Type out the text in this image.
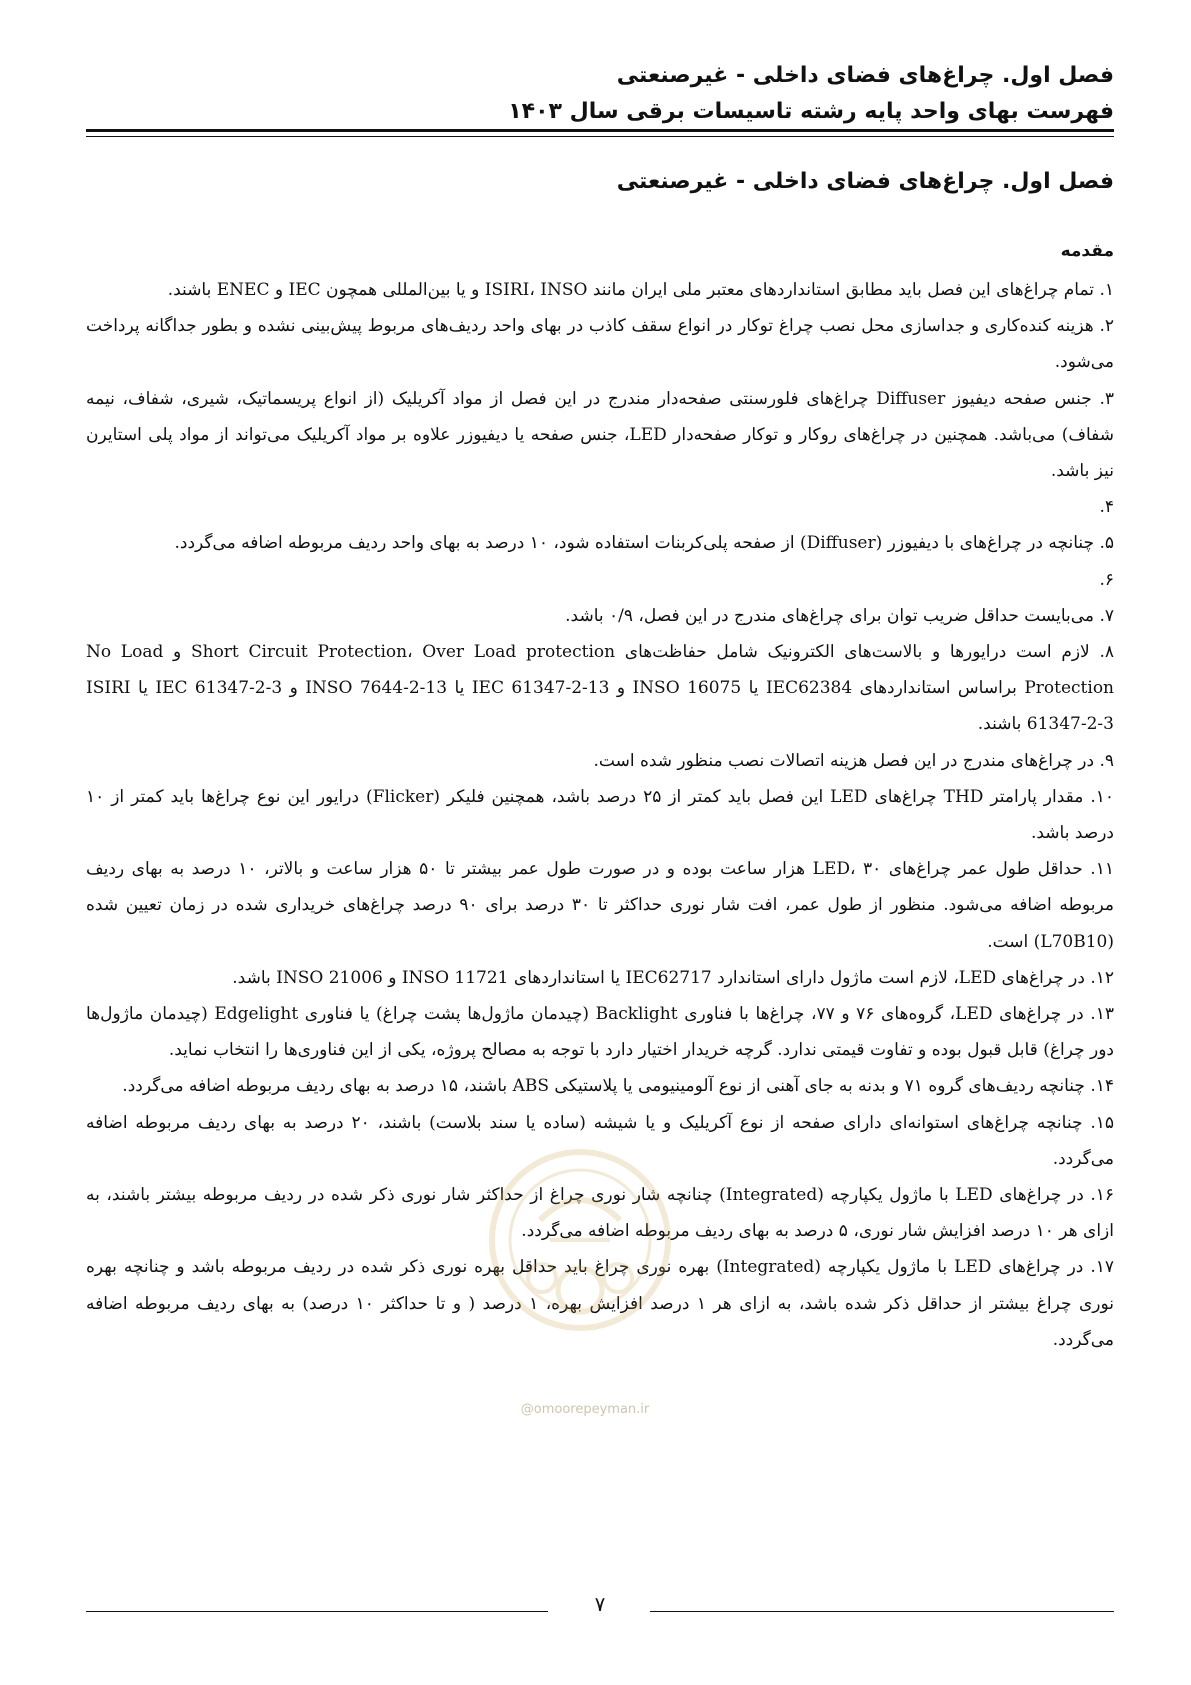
فصل اول. چراغ‌های فضای داخلی - غیرصنعتی
فهرست بهای واحد پایه رشته تاسیسات برقی سال ۱۴۰۳
فصل اول. چراغ‌های فضای داخلی - غیرصنعتی
مقدمه
۱. تمام چراغ‌های این فصل باید مطابق استانداردهای معتبر ملی ایران مانند ISIRI، INSO و یا بین‌المللی همچون IEC و ENEC باشند.
۲. هزینه کنده‌کاری و جداسازی محل نصب چراغ توکار در انواع سقف کاذب در بهای واحد ردیف‌های مربوط پیش‌بینی نشده و بطور جداگانه پرداخت می‌شود.
۳. جنس صفحه دیفیوز Diffuser چراغ‌های فلورسنتی صفحه‌دار مندرج در این فصل از مواد آکریلیک (از انواع پریسماتیک، شیری، شفاف، نیمه شفاف) می‌باشد. همچنین در چراغ‌های روکار و توکار صفحه‌دار LED، جنس صفحه یا دیفیوزر علاوه بر مواد آکریلیک می‌تواند از مواد پلی استایرن نیز باشد.
۴.
۵. چنانچه در چراغ‌های با دیفیوزر (Diffuser) از صفحه پلی‌کربنات استفاده شود، ۱۰ درصد به بهای واحد ردیف مربوطه اضافه می‌گردد.
۶.
۷. می‌بایست حداقل ضریب توان برای چراغ‌های مندرج در این فصل، ۰/۹ باشد.
۸. لازم است درایورها و بالاست‌های الکترونیک شامل حفاظت‌های Short Circuit Protection، Over Load protection و No Load Protection براساس استانداردهای IEC62384 یا INSO 16075 و IEC 61347-2-13 یا INSO 7644-2-13 و IEC 61347-2-3 یا ISIRI 61347-2-3 باشند.
۹. در چراغ‌های مندرج در این فصل هزینه اتصالات نصب منظور شده است.
۱۰. مقدار پارامتر THD چراغ‌های LED این فصل باید کمتر از ۲۵ درصد باشد، همچنین فلیکر (Flicker) درایور این نوع چراغ‌ها باید کمتر از ۱۰ درصد باشد.
۱۱. حداقل طول عمر چراغ‌های LED، ۳۰ هزار ساعت بوده و در صورت طول عمر بیشتر تا ۵۰ هزار ساعت و بالاتر، ۱۰ درصد به بهای ردیف مربوطه اضافه می‌شود. منظور از طول عمر، افت شار نوری حداکثر تا ۳۰ درصد برای ۹۰ درصد چراغ‌های خریداری شده در زمان تعیین شده (L70B10) است.
۱۲. در چراغ‌های LED، لازم است ماژول دارای استاندارد IEC62717 یا استانداردهای INSO 11721 و INSO 21006 باشد.
۱۳. در چراغ‌های LED، گروه‌های ۷۶ و ۷۷، چراغ‌ها با فناوری Backlight (چیدمان ماژول‌ها پشت چراغ) یا فناوری Edgelight (چیدمان ماژول‌ها دور چراغ) قابل قبول بوده و تفاوت قیمتی ندارد. گرچه خریدار اختیار دارد با توجه به مصالح پروژه، یکی از این فناوری‌ها را انتخاب نماید.
۱۴. چنانچه ردیف‌های گروه ۷۱ و بدنه به جای آهنی از نوع آلومینیومی یا پلاستیکی ABS باشند، ۱۵ درصد به بهای ردیف مربوطه اضافه می‌گردد.
۱۵. چنانچه چراغ‌های استوانه‌ای دارای صفحه از نوع آکریلیک و یا شیشه (ساده یا سند بلاست) باشند، ۲۰ درصد به بهای ردیف مربوطه اضافه می‌گردد.
۱۶. در چراغ‌های LED با ماژول یکپارچه (Integrated) چنانچه شار نوری چراغ از حداکثر شار نوری ذکر شده در ردیف مربوطه بیشتر باشند، به ازای هر ۱۰ درصد افزایش شار نوری، ۵ درصد به بهای ردیف مربوطه اضافه می‌گردد.
۱۷. در چراغ‌های LED با ماژول یکپارچه (Integrated) بهره نوری چراغ باید حداقل بهره نوری ذکر شده در ردیف مربوطه باشد و چنانچه بهره نوری چراغ بیشتر از حداقل ذکر شده باشد، به ازای هر ۱ درصد افزایش بهره، ۱ درصد ( و تا حداکثر ۱۰ درصد) به بهای ردیف مربوطه اضافه می‌گردد.
@omoorepeyman.ir
۷
